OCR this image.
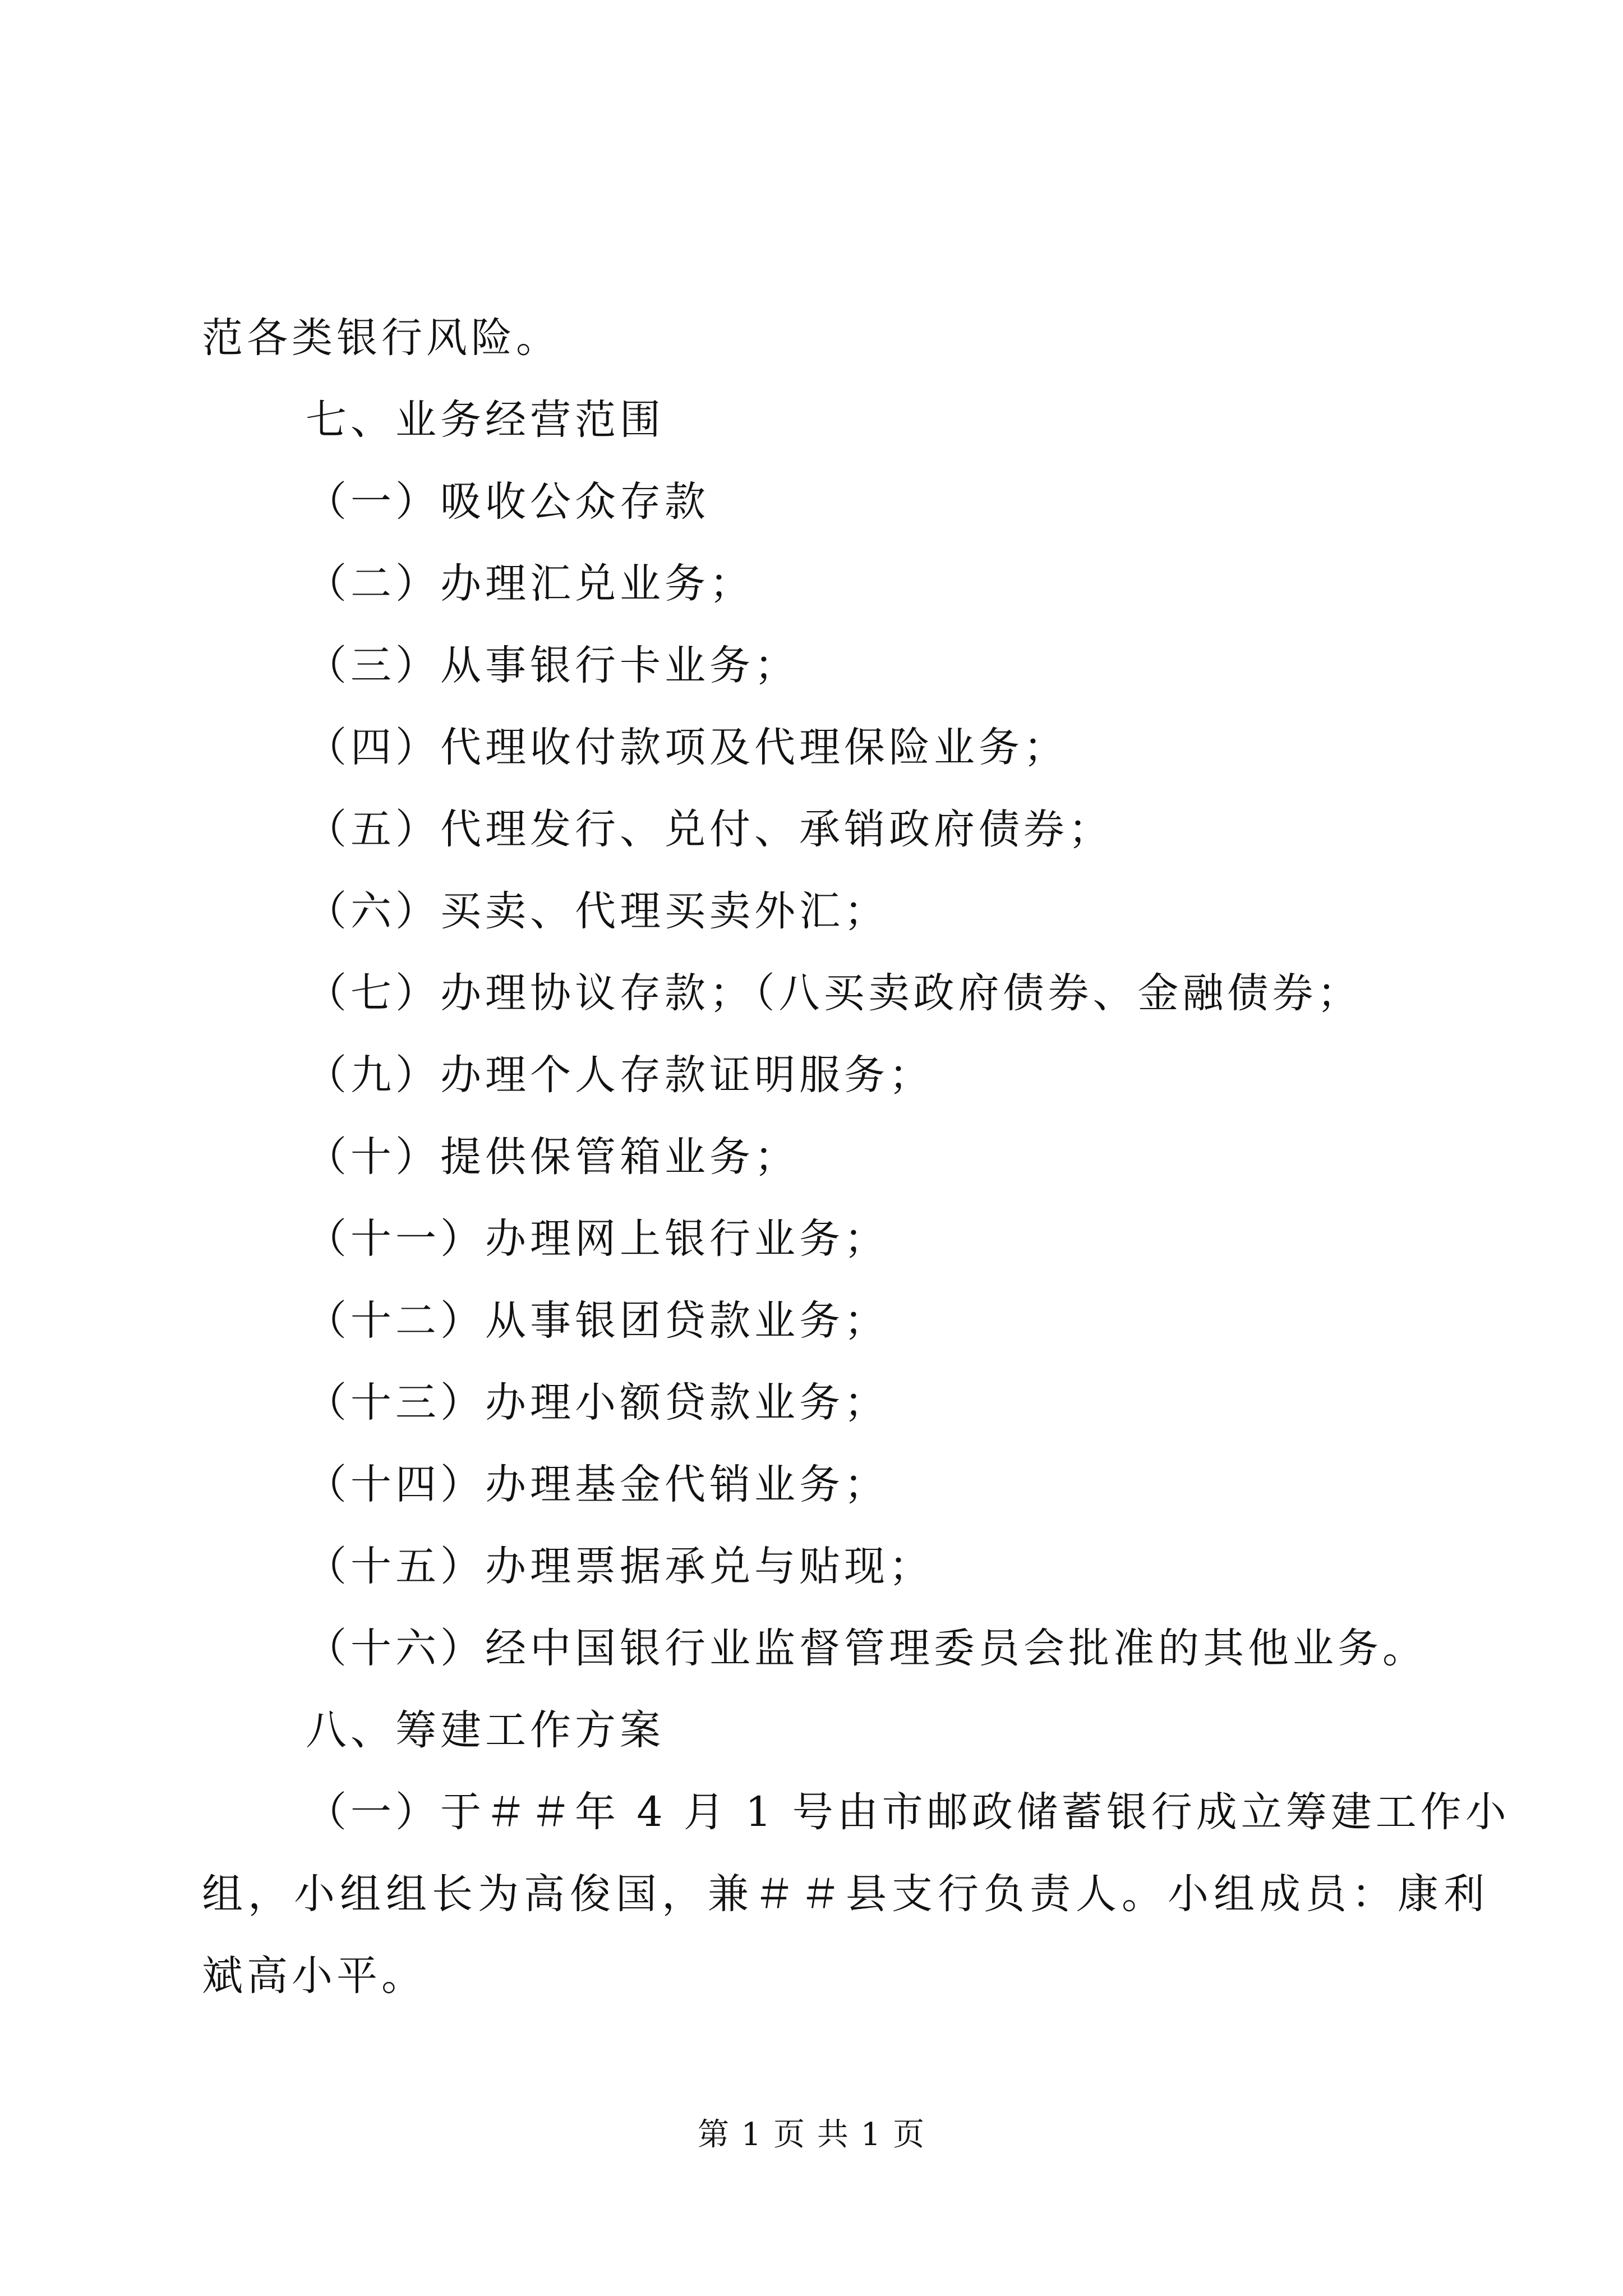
范各类银行风险。

七、业务经营范围

（一）吸收公众存款

（二）办理汇兑业务；

（三）从事银行卡业务；

（四）代理收付款项及代理保险业务；

（五）代理发行、兑付、承销政府债券；

（六）买卖、代理买卖外汇；

（七）办理协议存款；（八买卖政府债券、金融债券；

（九）办理个人存款证明服务；

（十）提供保管箱业务；

（十一）办理网上银行业务；

（十二）从事银团贷款业务；

（十三）办理小额贷款业务；

（十四）办理基金代销业务；

（十五）办理票据承兑与贴现；

（十六）经中国银行业监督管理委员会批准的其他业务。

八、筹建工作方案

（一）于＃＃年 4 月 1 号由市邮政储蓄银行成立筹建工作小

组，小组组长为高俊国，兼＃＃县支行负责人。小组成员：康利

斌高小平。

第 1 页 共 1 页
